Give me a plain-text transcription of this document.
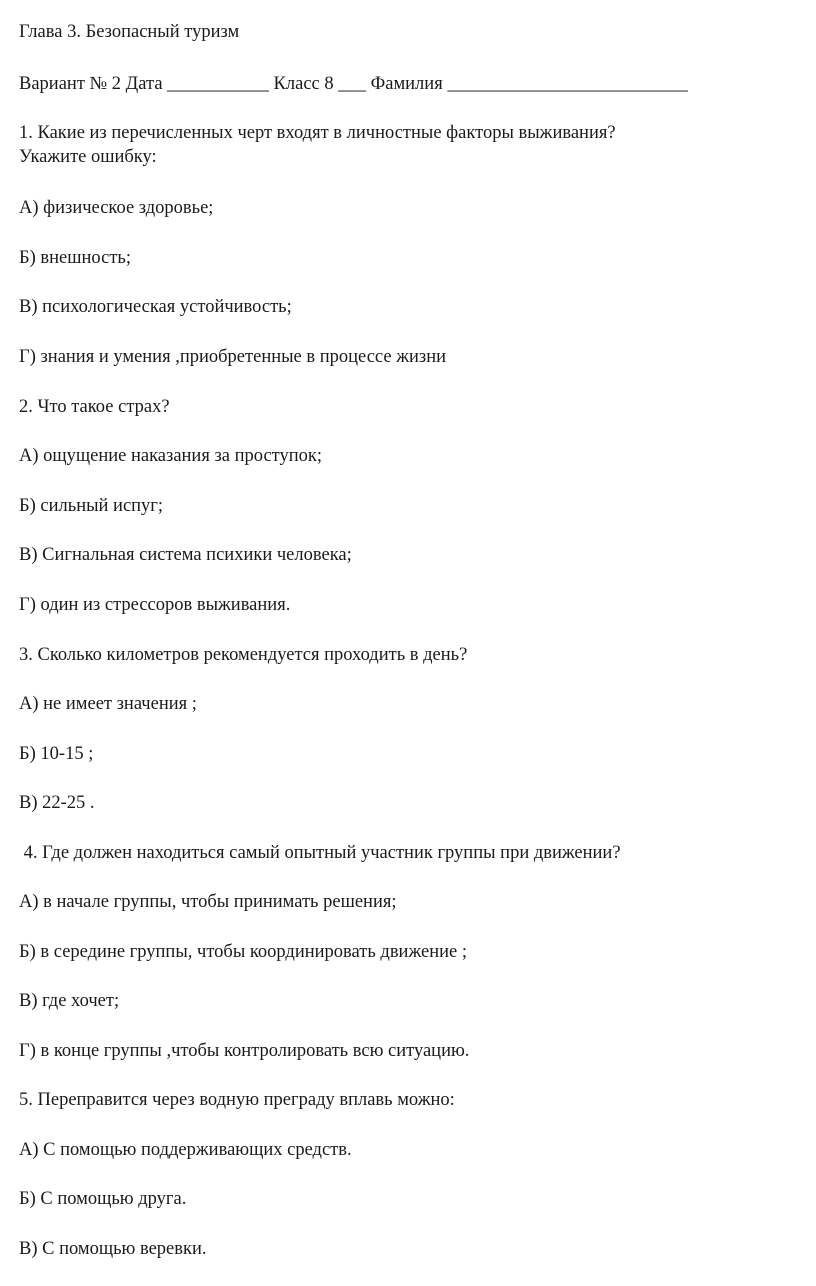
Глава 3. Безопасный туризм
Вариант № 2 Дата ___________ Класс 8 ___ Фамилия __________________________
1. Какие из перечисленных черт входят в личностные факторы выживания?
Укажите ошибку:
А) физическое здоровье;
Б) внешность;
В) психологическая устойчивость;
Г) знания и умения ,приобретенные в процессе жизни
2. Что такое страх?
А) ощущение наказания за проступок;
Б) сильный испуг;
В) Сигнальная система психики человека;
Г) один из стрессоров выживания.
3. Сколько километров рекомендуется проходить в день?
А) не имеет значения ;
Б) 10-15 ;
В) 22-25 .
4. Где должен находиться самый опытный участник группы при движении?
А) в начале группы, чтобы принимать решения;
Б) в середине группы, чтобы координировать движение ;
В) где хочет;
Г) в конце группы ,чтобы контролировать всю ситуацию.
5. Переправится через водную преграду вплавь можно:
А) С помощью поддерживающих средств.
Б) С помощью друга.
В) С помощью веревки.
